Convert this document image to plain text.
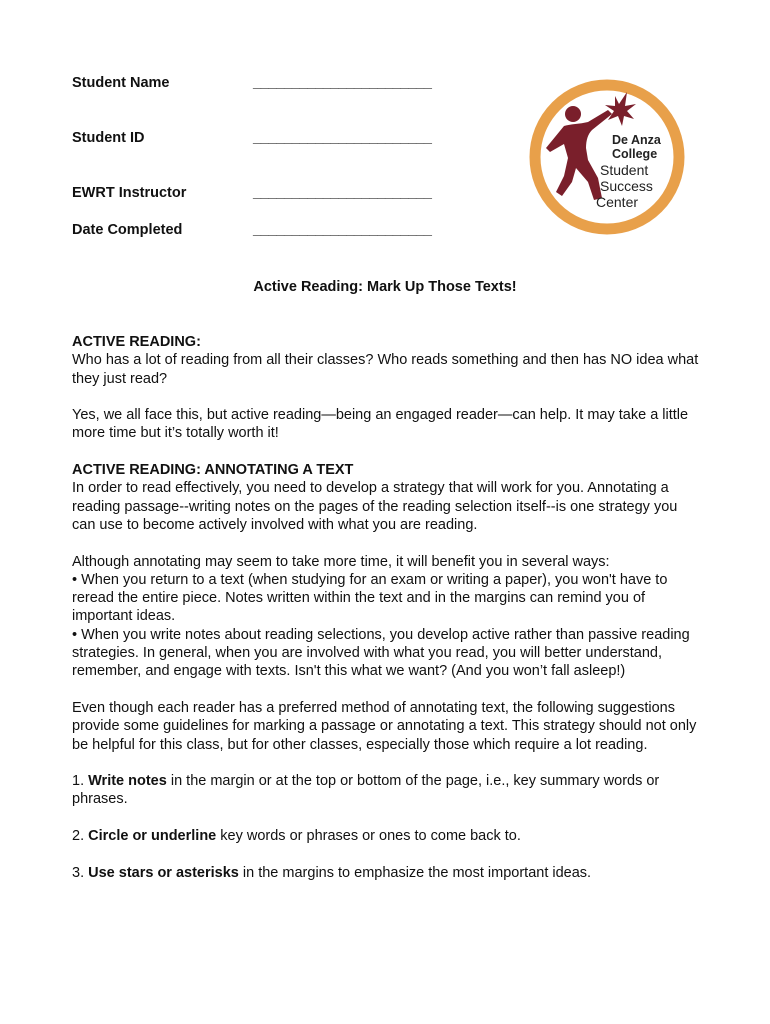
Student Name	_______________________
Student ID	_______________________
EWRT Instructor	_______________________
Date Completed	_______________________
De Anza
College
Student
Success
Center
Active Reading: Mark Up Those Texts!

ACTIVE READING:

Who has a lot of reading from all their classes? Who reads something and then has NO idea what they just read?

Yes, we all face this, but active reading—being an engaged reader—can help. It may take a little more time but it’s totally worth it!

ACTIVE READING: ANNOTATING A TEXT

In order to read effectively, you need to develop a strategy that will work for you. Annotating a reading passage--writing notes on the pages of the reading selection itself--is one strategy you can use to become actively involved with what you are reading.

Although annotating may seem to take more time, it will benefit you in several ways:

• When you return to a text (when studying for an exam or writing a paper), you won't have to reread the entire piece. Notes written within the text and in the margins can remind you of important ideas.

• When you write notes about reading selections, you develop active rather than passive reading strategies. In general, when you are involved with what you read, you will better understand, remember, and engage with texts. Isn't this what we want? (And you won’t fall asleep!)

Even though each reader has a preferred method of annotating text, the following suggestions provide some guidelines for marking a passage or annotating a text. This strategy should not only be helpful for this class, but for other classes, especially those which require a lot reading.

1. Write notes in the margin or at the top or bottom of the page, i.e., key summary words or phrases.
2. Circle or underline key words or phrases or ones to come back to.
3. Use stars or asterisks in the margins to emphasize the most important ideas.
